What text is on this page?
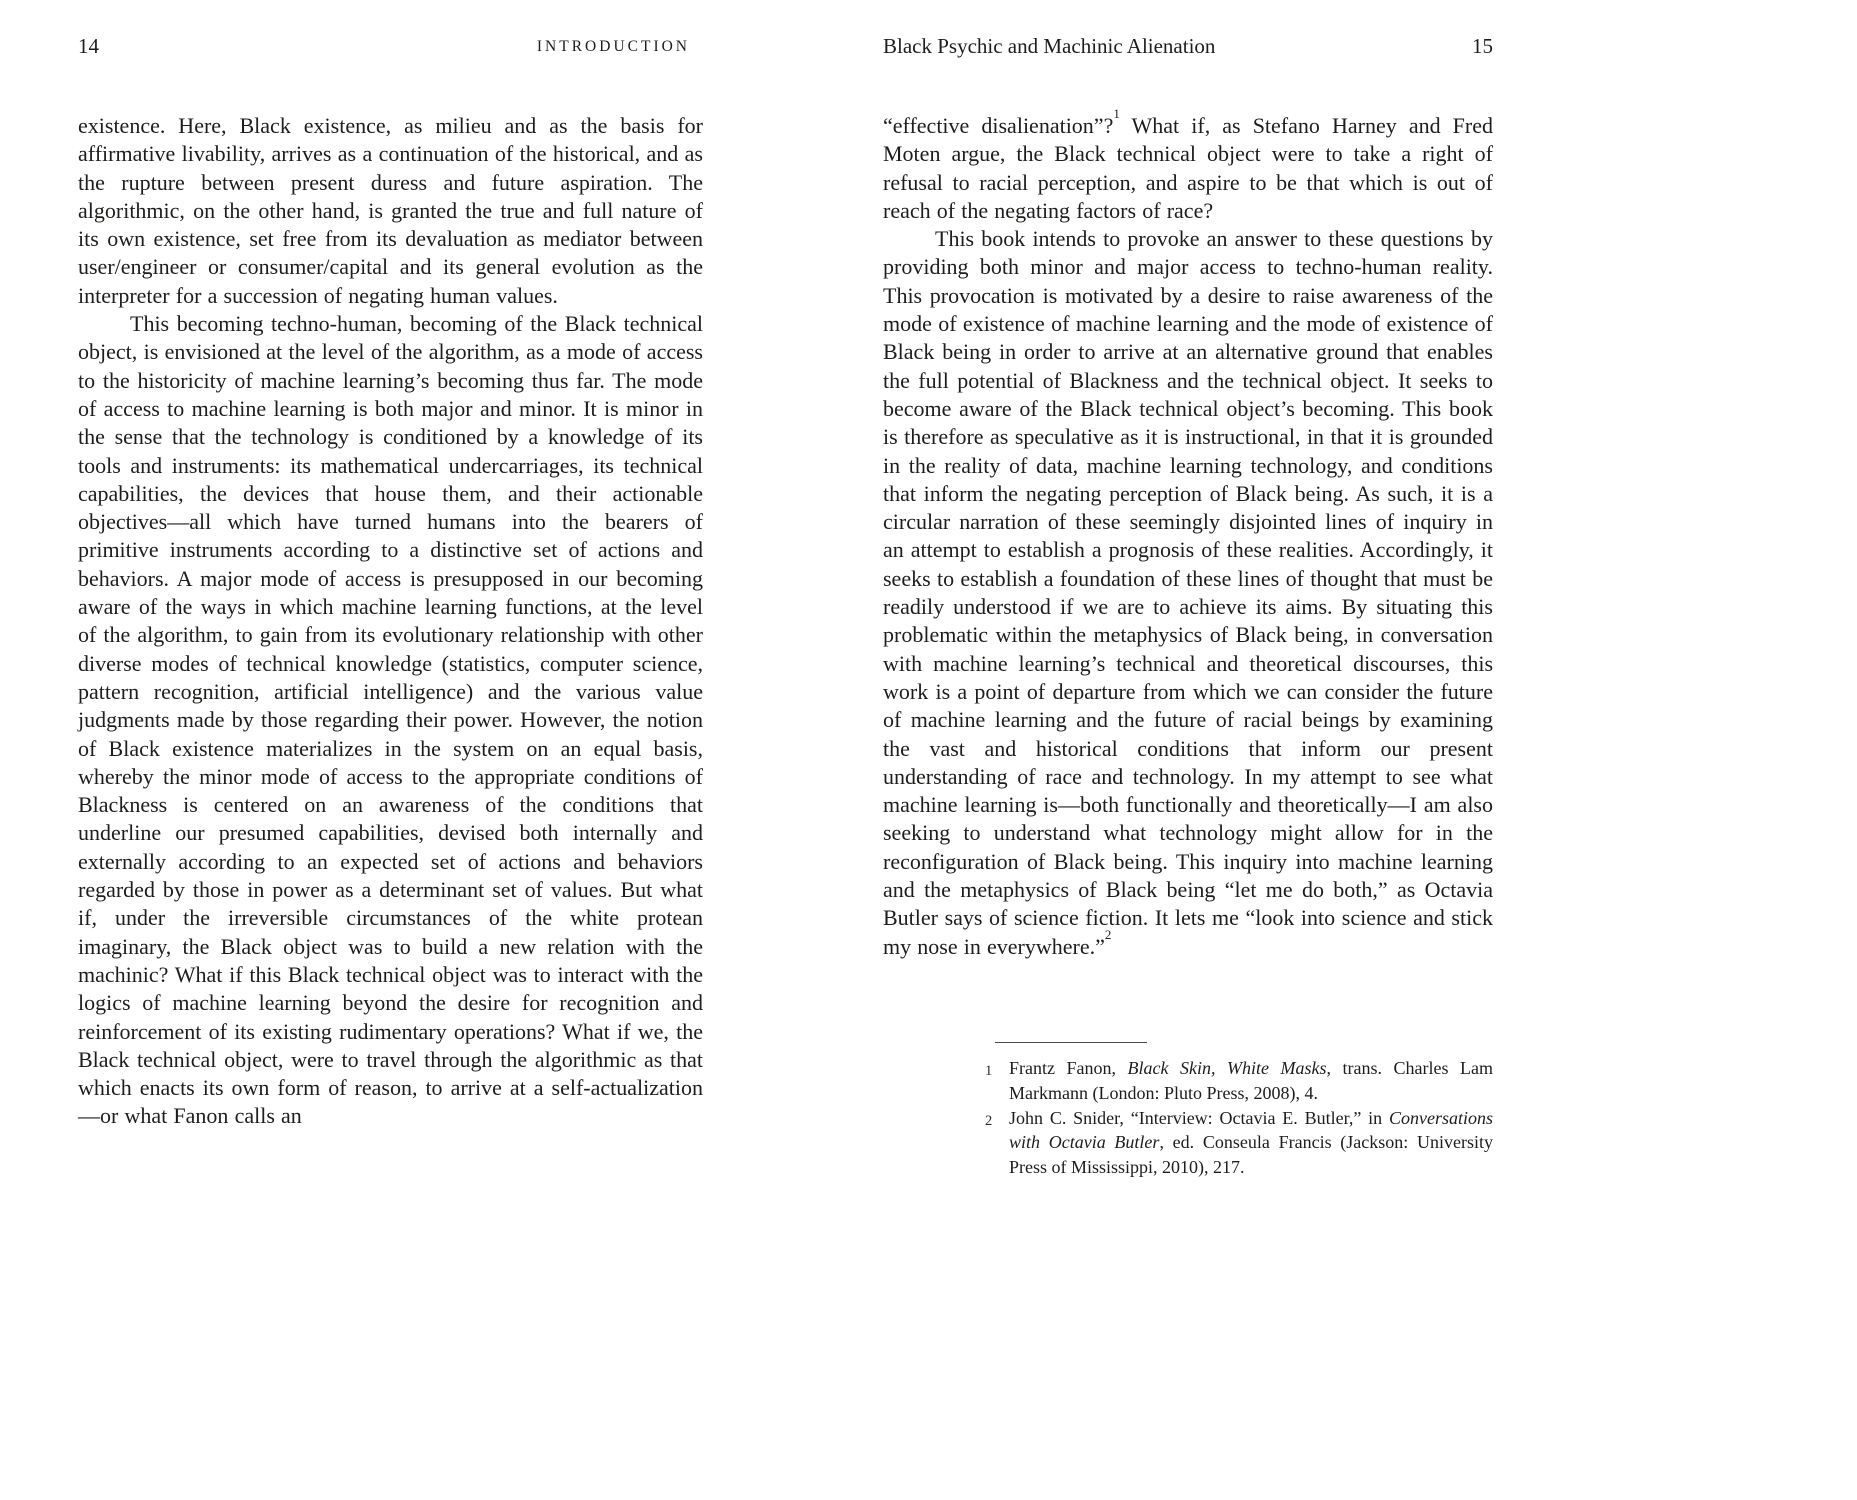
14	INTRODUCTION

existence. Here, Black existence, as milieu and as the basis for affirmative livability, arrives as a continuation of the historical, and as the rupture between present duress and future aspiration. The algorithmic, on the other hand, is granted the true and full nature of its own existence, set free from its devaluation as mediator between user/engineer or consumer/capital and its general evolution as the interpreter for a succession of negating human values.

This becoming techno-human, becoming of the Black technical object, is envisioned at the level of the algorithm, as a mode of access to the historicity of machine learning’s becoming thus far. The mode of access to machine learning is both major and minor. It is minor in the sense that the technology is conditioned by a knowledge of its tools and instruments: its mathematical undercarriages, its technical capabilities, the devices that house them, and their actionable objectives—all which have turned humans into the bearers of primitive instruments according to a distinctive set of actions and behaviors. A major mode of access is presupposed in our becoming aware of the ways in which machine learning functions, at the level of the algorithm, to gain from its evolutionary relationship with other diverse modes of technical knowledge (statistics, computer science, pattern recognition, artificial intelligence) and the various value judgments made by those regarding their power. However, the notion of Black existence materializes in the system on an equal basis, whereby the minor mode of access to the appropriate conditions of Blackness is centered on an awareness of the conditions that underline our presumed capabilities, devised both internally and externally according to an expected set of actions and behaviors regarded by those in power as a determinant set of values. But what if, under the irreversible circumstances of the white protean imaginary, the Black object was to build a new relation with the machinic? What if this Black technical object was to interact with the logics of machine learning beyond the desire for recognition and reinforcement of its existing rudimentary operations? What if we, the Black technical object, were to travel through the algorithmic as that which enacts its own form of reason, to arrive at a self-actualization—or what Fanon calls an

Black Psychic and Machinic Alienation	15

“effective disalienation”?$^1$ What if, as Stefano Harney and Fred Moten argue, the Black technical object were to take a right of refusal to racial perception, and aspire to be that which is out of reach of the negating factors of race?

This book intends to provoke an answer to these questions by providing both minor and major access to techno-human reality. This provocation is motivated by a desire to raise awareness of the mode of existence of machine learning and the mode of existence of Black being in order to arrive at an alternative ground that enables the full potential of Blackness and the technical object. It seeks to become aware of the Black technical object’s becoming. This book is therefore as speculative as it is instructional, in that it is grounded in the reality of data, machine learning technology, and conditions that inform the negating perception of Black being. As such, it is a circular narration of these seemingly disjointed lines of inquiry in an attempt to establish a prognosis of these realities. Accordingly, it seeks to establish a foundation of these lines of thought that must be readily understood if we are to achieve its aims. By situating this problematic within the metaphysics of Black being, in conversation with machine learning’s technical and theoretical discourses, this work is a point of departure from which we can consider the future of machine learning and the future of racial beings by examining the vast and historical conditions that inform our present understanding of race and technology. In my attempt to see what machine learning is—both functionally and theoretically—I am also seeking to understand what technology might allow for in the reconfiguration of Black being. This inquiry into machine learning and the metaphysics of Black being “let me do both,” as Octavia Butler says of science fiction. It lets me “look into science and stick my nose in everywhere.”$^2$

1 Frantz Fanon, Black Skin, White Masks, trans. Charles Lam Markmann (London: Pluto Press, 2008), 4.
2 John C. Snider, “Interview: Octavia E. Butler,” in Conversations with Octavia Butler, ed. Conseula Francis (Jackson: University Press of Mississippi, 2010), 217.
